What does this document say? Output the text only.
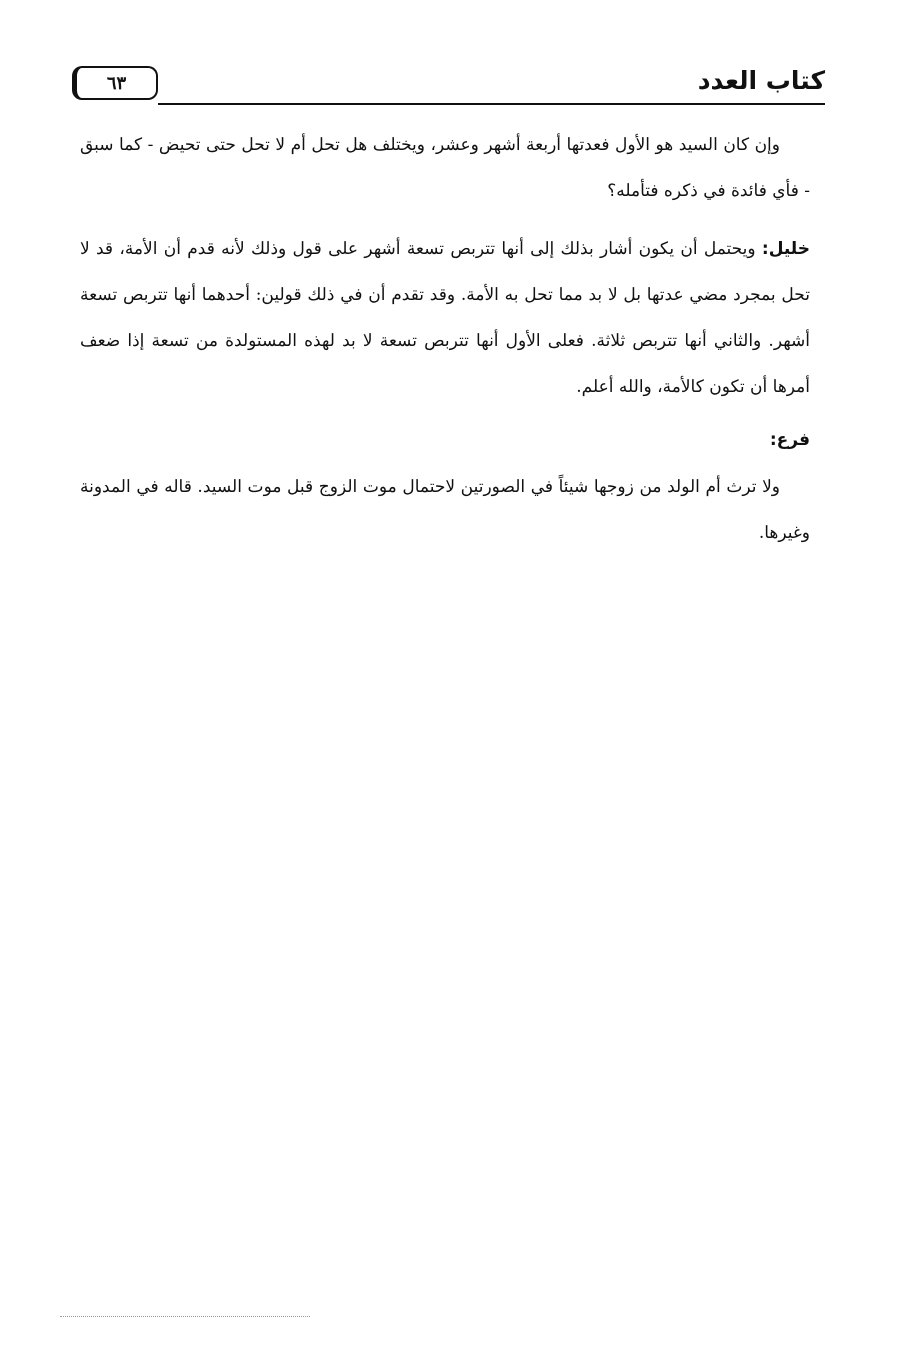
٦٣	كتاب العدد

وإن كان السيد هو الأول فعدتها أربعة أشهر وعشر، ويختلف هل تحل أم لا تحل حتى تحيض - كما سبق - فأي فائدة في ذكره فتأمله؟

خليل: ويحتمل أن يكون أشار بذلك إلى أنها تتربص تسعة أشهر على قول وذلك لأنه قدم أن الأمة، قد لا تحل بمجرد مضي عدتها بل لا بد مما تحل به الأمة. وقد تقدم أن في ذلك قولين: أحدهما أنها تتربص تسعة أشهر. والثاني أنها تتربص ثلاثة. فعلى الأول أنها تتربص تسعة لا بد لهذه المستولدة من تسعة إذا ضعف أمرها أن تكون كالأمة، والله أعلم.

فرع:

ولا ترث أم الولد من زوجها شيئاً في الصورتين لاحتمال موت الزوج قبل موت السيد. قاله في المدونة وغيرها.
